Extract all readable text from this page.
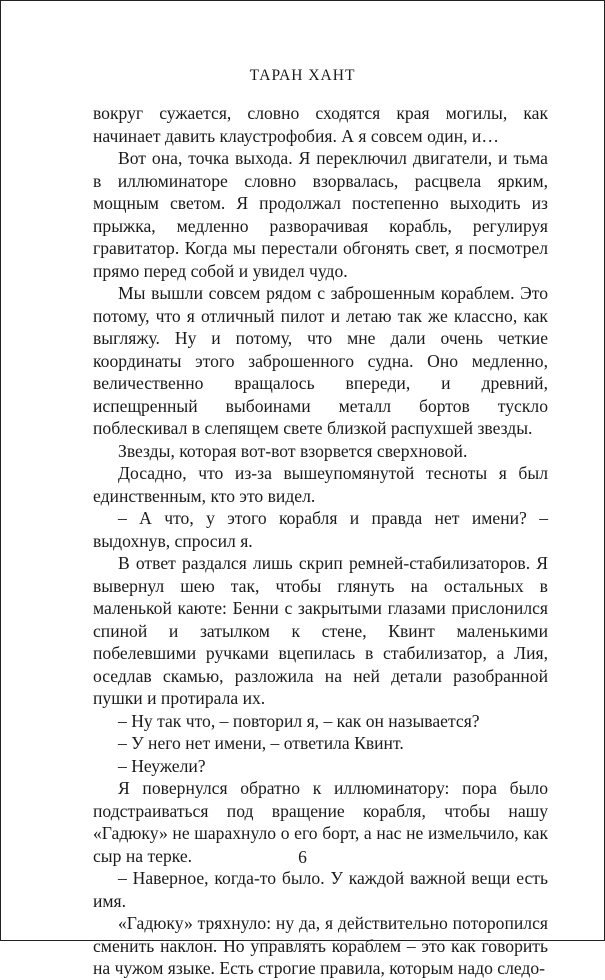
ТАРАН ХАНТ

вокруг сужается, словно сходятся края могилы, как начинает давить клаустрофобия. А я совсем один, и…

Вот она, точка выхода. Я переключил двигатели, и тьма в иллюминаторе словно взорвалась, расцвела ярким, мощным светом. Я продолжал постепенно выходить из прыжка, медленно разворачивая корабль, регулируя гравитатор. Когда мы перестали обгонять свет, я посмотрел прямо перед собой и увидел чудо.

Мы вышли совсем рядом с заброшенным кораблем. Это потому, что я отличный пилот и летаю так же классно, как выгляжу. Ну и потому, что мне дали очень четкие координаты этого заброшенного судна. Оно медленно, величественно вращалось впереди, и древний, испещренный выбоинами металл бортов тускло поблескивал в слепящем свете близкой распухшей звезды.

Звезды, которая вот-вот взорвется сверхновой.

Досадно, что из-за вышеупомянутой тесноты я был единственным, кто это видел.

– А что, у этого корабля и правда нет имени? – выдохнув, спросил я.

В ответ раздался лишь скрип ремней-стабилизаторов. Я вывернул шею так, чтобы глянуть на остальных в маленькой каюте: Бенни с закрытыми глазами прислонился спиной и затылком к стене, Квинт маленькими побелевшими ручками вцепилась в стабилизатор, а Лия, оседлав скамью, разложила на ней детали разобранной пушки и протирала их.

– Ну так что, – повторил я, – как он называется?

– У него нет имени, – ответила Квинт.

– Неужели?

Я повернулся обратно к иллюминатору: пора было подстраиваться под вращение корабля, чтобы нашу «Гадюку» не шарахнуло о его борт, а нас не измельчило, как сыр на терке.

– Наверное, когда-то было. У каждой важной вещи есть имя.

«Гадюку» тряхнуло: ну да, я действительно поторопился сменить наклон. Но управлять кораблем – это как говорить на чужом языке. Есть строгие правила, которым надо следо-

6
